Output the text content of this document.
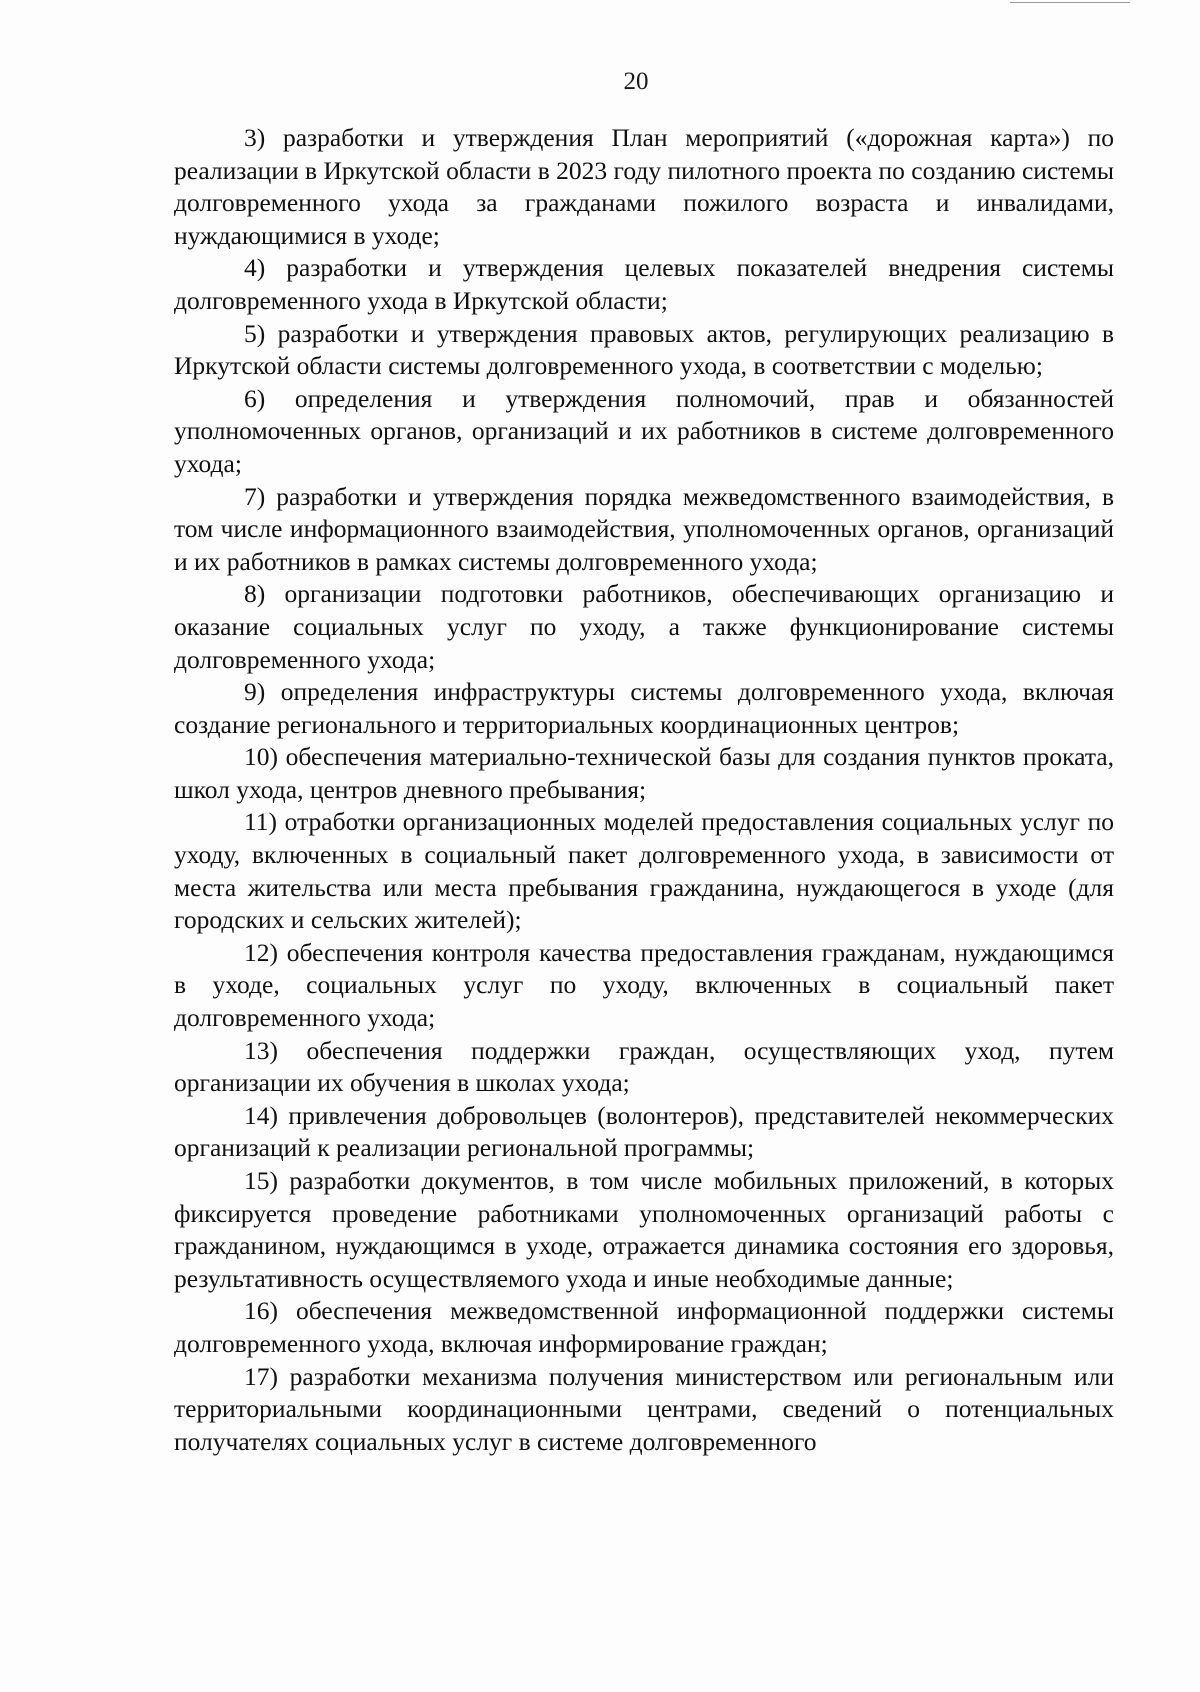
20

3) разработки и утверждения План мероприятий («дорожная карта») по реализации в Иркутской области в 2023 году пилотного проекта по созданию системы долговременного ухода за гражданами пожилого возраста и инвалидами, нуждающимися в уходе;

4) разработки и утверждения целевых показателей внедрения системы долговременного ухода в Иркутской области;

5) разработки и утверждения правовых актов, регулирующих реализацию в Иркутской области системы долговременного ухода, в соответствии с моделью;

6) определения и утверждения полномочий, прав и обязанностей уполномоченных органов, организаций и их работников в системе долговременного ухода;

7) разработки и утверждения порядка межведомственного взаимодействия, в том числе информационного взаимодействия, уполномоченных органов, организаций и их работников в рамках системы долговременного ухода;

8) организации подготовки работников, обеспечивающих организацию и оказание социальных услуг по уходу, а также функционирование системы долговременного ухода;

9) определения инфраструктуры системы долговременного ухода, включая создание регионального и территориальных координационных центров;

10) обеспечения материально-технической базы для создания пунктов проката, школ ухода, центров дневного пребывания;

11) отработки организационных моделей предоставления социальных услуг по уходу, включенных в социальный пакет долговременного ухода, в зависимости от места жительства или места пребывания гражданина, нуждающегося в уходе (для городских и сельских жителей);

12) обеспечения контроля качества предоставления гражданам, нуждающимся в уходе, социальных услуг по уходу, включенных в социальный пакет долговременного ухода;

13) обеспечения поддержки граждан, осуществляющих уход, путем организации их обучения в школах ухода;

14) привлечения добровольцев (волонтеров), представителей некоммерческих организаций к реализации региональной программы;

15) разработки документов, в том числе мобильных приложений, в которых фиксируется проведение работниками уполномоченных организаций работы с гражданином, нуждающимся в уходе, отражается динамика состояния его здоровья, результативность осуществляемого ухода и иные необходимые данные;

16) обеспечения межведомственной информационной поддержки системы долговременного ухода, включая информирование граждан;

17) разработки механизма получения министерством или региональным или территориальными координационными центрами, сведений о потенциальных получателях социальных услуг в системе долговременного
